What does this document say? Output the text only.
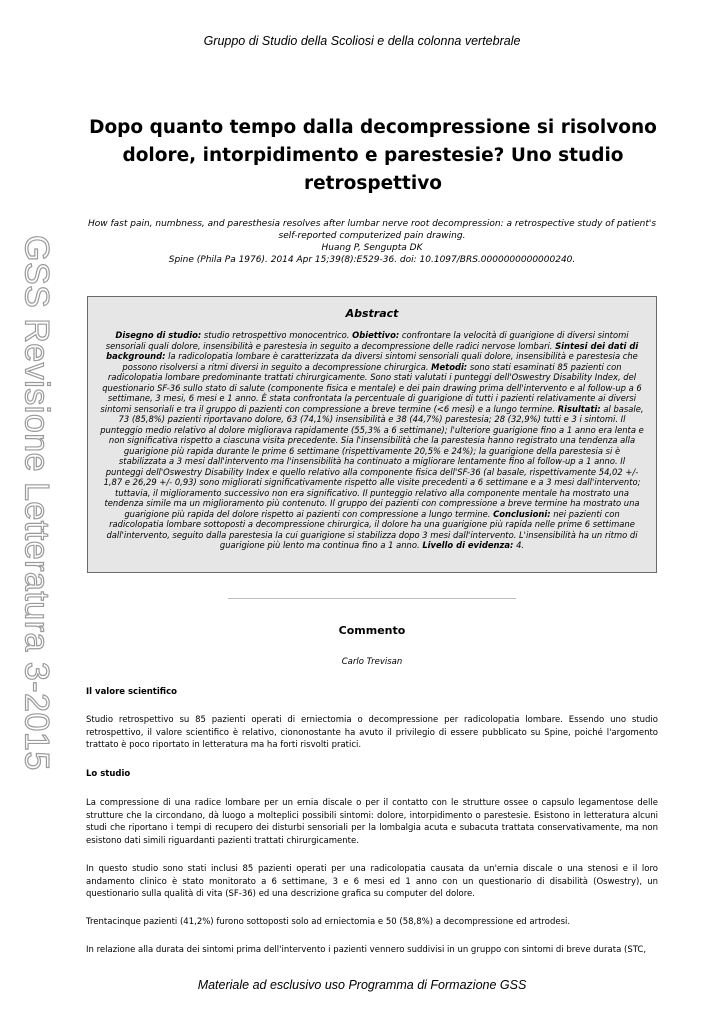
Gruppo di Studio della Scoliosi e della colonna vertebrale
GSS Revisione Letteratura 3-2015
Dopo quanto tempo dalla decompressione si risolvono dolore, intorpidimento e parestesie? Uno studio retrospettivo
How fast pain, numbness, and paresthesia resolves after lumbar nerve root decompression: a retrospective study of patient's self-reported computerized pain drawing.
Huang P, Sengupta DK
Spine (Phila Pa 1976). 2014 Apr 15;39(8):E529-36. doi: 10.1097/BRS.0000000000000240.

Abstract

Disegno di studio: studio retrospettivo monocentrico. Obiettivo: confrontare la velocità di guarigione di diversi sintomi sensoriali quali dolore, insensibilità e parestesia in seguito a decompressione delle radici nervose lombari. Sintesi dei dati di background: la radicolopatia lombare è caratterizzata da diversi sintomi sensoriali quali dolore, insensibilità e parestesia che possono risolversi a ritmi diversi in seguito a decompressione chirurgica. Metodi: sono stati esaminati 85 pazienti con radicolopatia lombare predominante trattati chirurgicamente. Sono stati valutati i punteggi dell'Oswestry Disability Index, del questionario SF-36 sullo stato di salute (componente fisica e mentale) e dei pain drawing prima dell'intervento e al follow-up a 6 settimane, 3 mesi, 6 mesi e 1 anno. È stata confrontata la percentuale di guarigione di tutti i pazienti relativamente ai diversi sintomi sensoriali e tra il gruppo di pazienti con compressione a breve termine (<6 mesi) e a lungo termine. Risultati: al basale, 73 (85,8%) pazienti riportavano dolore, 63 (74,1%) insensibilità e 38 (44,7%) parestesia; 28 (32,9%) tutti e 3 i sintomi. Il punteggio medio relativo al dolore migliorava rapidamente (55,3% a 6 settimane); l'ulteriore guarigione fino a 1 anno era lenta e non significativa rispetto a ciascuna visita precedente. Sia l'insensibilità che la parestesia hanno registrato una tendenza alla guarigione più rapida durante le prime 6 settimane (rispettivamente 20,5% e 24%); la guarigione della parestesia si è stabilizzata a 3 mesi dall'intervento ma l'insensibilità ha continuato a migliorare lentamente fino al follow-up a 1 anno. Il punteggi dell'Oswestry Disability Index e quello relativo alla componente fisica dell'SF-36 (al basale, rispettivamente 54,02 +/- 1,87 e 26,29 +/- 0,93) sono migliorati significativamente rispetto alle visite precedenti a 6 settimane e a 3 mesi dall'intervento; tuttavia, il miglioramento successivo non era significativo. Il punteggio relativo alla componente mentale ha mostrato una tendenza simile ma un miglioramento più contenuto. Il gruppo dei pazienti con compressione a breve termine ha mostrato una guarigione più rapida del dolore rispetto ai pazienti con compressione a lungo termine. Conclusioni: nei pazienti con radicolopatia lombare sottoposti a decompressione chirurgica, il dolore ha una guarigione più rapida nelle prime 6 settimane dall'intervento, seguito dalla parestesia la cui guarigione si stabilizza dopo 3 mesi dall'intervento. L'insensibilità ha un ritmo di guarigione più lento ma continua fino a 1 anno. Livello di evidenza: 4.

Commento
Carlo Trevisan
Il valore scientifico

Studio retrospettivo su 85 pazienti operati di erniectomia o decompressione per radicolopatia lombare. Essendo uno studio retrospettivo, il valore scientifico è relativo, ciononostante ha avuto il privilegio di essere pubblicato su Spine, poiché l'argomento trattato è poco riportato in letteratura ma ha forti risvolti pratici.

Lo studio

La compressione di una radice lombare per un ernia discale o per il contatto con le strutture ossee o capsulo legamentose delle strutture che la circondano, dà luogo a molteplici possibili sintomi: dolore, intorpidimento o parestesie. Esistono in letteratura alcuni studi che riportano i tempi di recupero dei disturbi sensoriali per la lombalgia acuta e subacuta trattata conservativamente, ma non esistono dati simili riguardanti pazienti trattati chirurgicamente.

In questo studio sono stati inclusi 85 pazienti operati per una radicolopatia causata da un'ernia discale o una stenosi e il loro andamento clinico è stato monitorato a 6 settimane, 3 e 6 mesi ed 1 anno con un questionario di disabilità (Oswestry), un questionario sulla qualità di vita (SF-36) ed una descrizione grafica su computer del dolore.

Trentacinque pazienti (41,2%) furono sottoposti solo ad erniectomia e 50 (58,8%) a decompressione ed artrodesi.

In relazione alla durata dei sintomi prima dell'intervento i pazienti vennero suddivisi in un gruppo con sintomi di breve durata (STC,

Materiale ad esclusivo uso Programma di Formazione GSS
